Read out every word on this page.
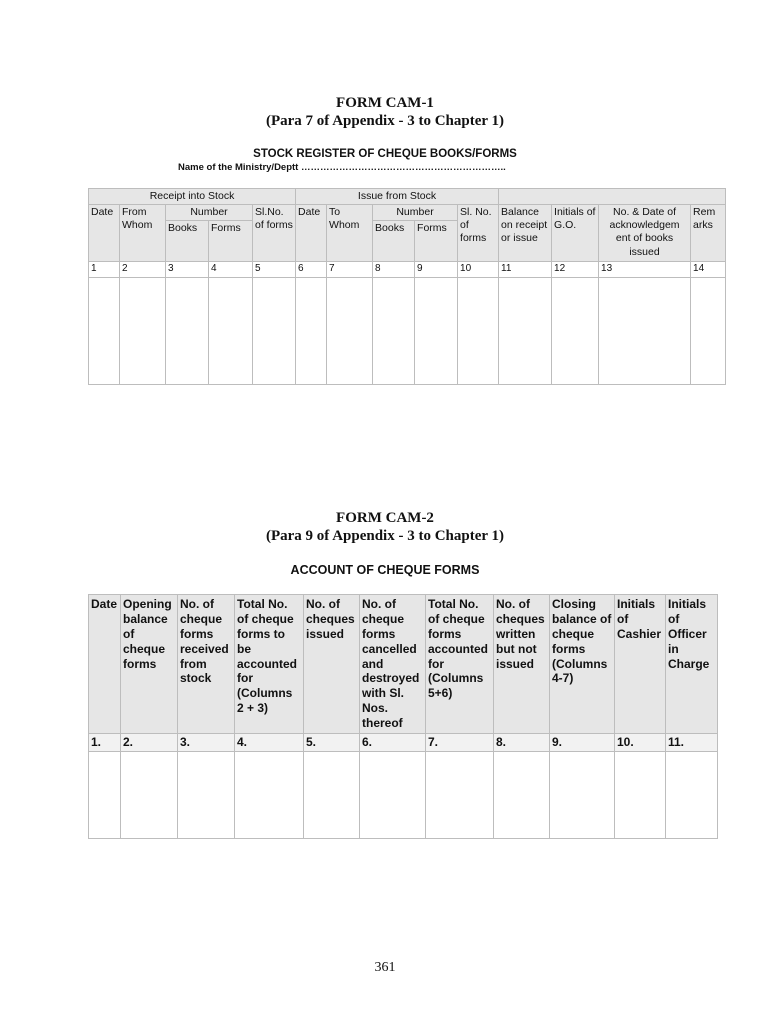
FORM CAM-1
(Para 7 of Appendix - 3 to Chapter 1)
STOCK REGISTER OF CHEQUE BOOKS/FORMS
Name of the Ministry/Deptt ………………………………………………………..
Receipt into Stock					Issue from Stock								
Date	From Whom	Number		Sl.No. of forms	Date	To Whom	Number		Sl. No. of forms	Balance on receipt or issue	Initials of G.O.	No. & Date of acknowledgem ent of books issued	Rem arks
		Books	Forms				Books	Forms					
1	2	3	4	5	6	7	8	9	10	11	12	13	14

FORM CAM-2
(Para 9 of Appendix - 3 to Chapter 1)
ACCOUNT OF CHEQUE FORMS
Date	Opening balance of cheque forms	No. of cheque forms received from stock	Total No. of cheque forms to be accounted for (Columns 2 + 3)	No. of cheques issued	No. of cheque forms cancelled and destroyed with Sl. Nos. thereof	Total No. of cheque forms accounted for (Columns 5+6)	No. of cheques written but not issued	Closing balance of cheque forms (Columns 4-7)	Initials of Cashier	Initials of Officer in Charge
1.	2.	3.	4.	5.	6.	7.	8.	9.	10.	11.

361
